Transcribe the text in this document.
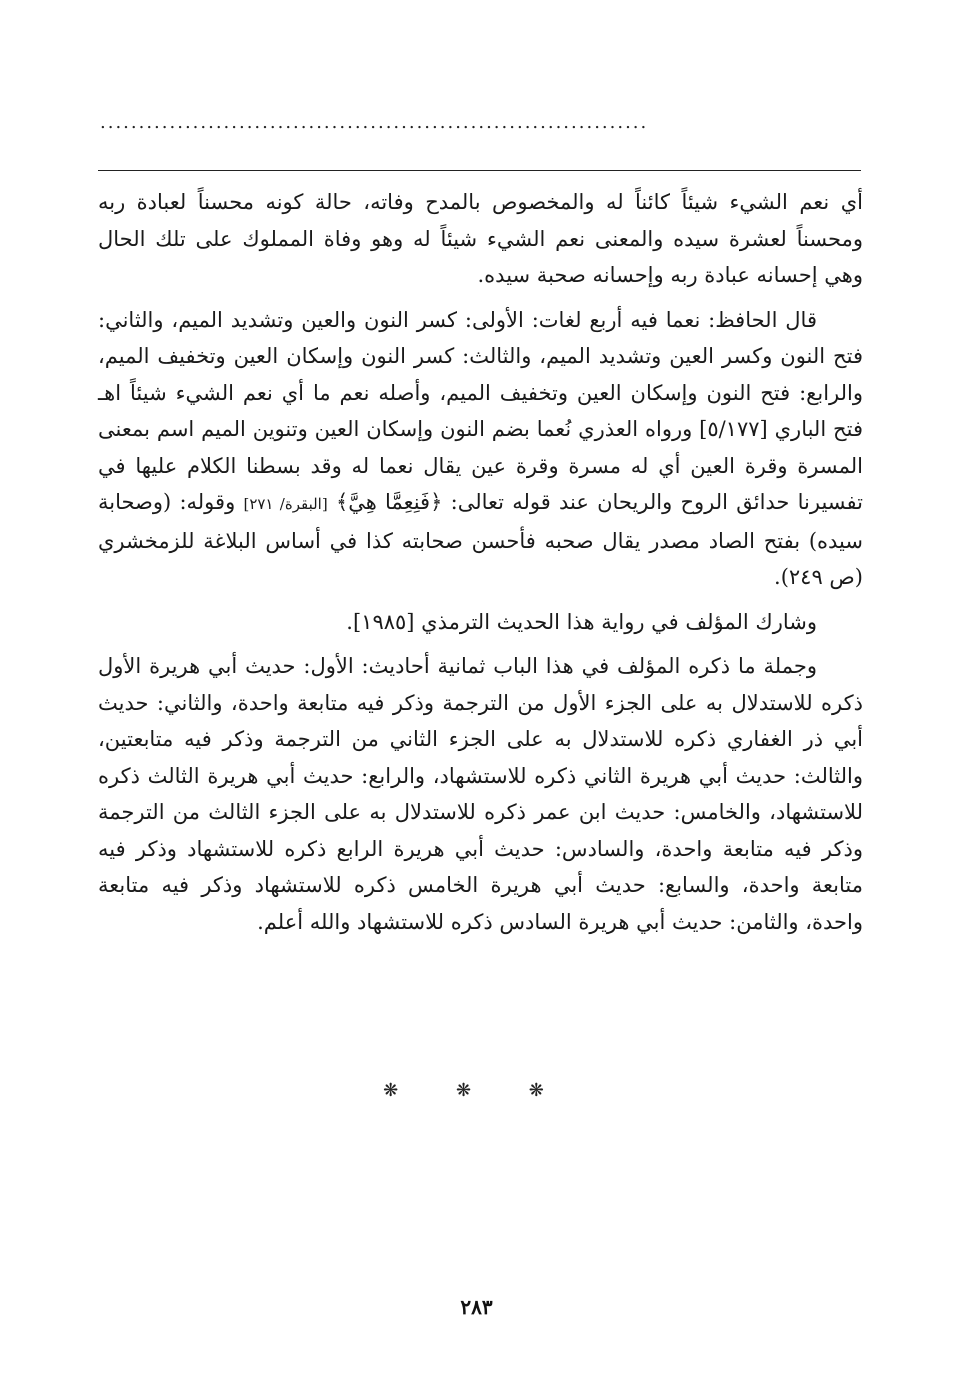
.......................................................................

أي نعم الشيء شيئاً كائناً له والمخصوص بالمدح وفاته، حالة كونه محسناً لعبادة ربه ومحسناً لعشرة سيده والمعنى نعم الشيء شيئاً له وهو وفاة المملوك على تلك الحال وهي إحسانه عبادة ربه وإحسانه صحبة سيده.

قال الحافظ: نعما فيه أربع لغات: الأولى: كسر النون والعين وتشديد الميم، والثاني: فتح النون وكسر العين وتشديد الميم، والثالث: كسر النون وإسكان العين وتخفيف الميم، والرابع: فتح النون وإسكان العين وتخفيف الميم، وأصله نعم ما أي نعم الشيء شيئاً اهـ فتح الباري [٥/١٧٧] ورواه العذري نُعما بضم النون وإسكان العين وتنوين الميم اسم بمعنى المسرة وقرة العين أي له مسرة وقرة عين يقال نعما له وقد بسطنا الكلام عليها في تفسيرنا حدائق الروح والريحان عند قوله تعالى: ﴿فَنِعِمَّا هِيَّ﴾ [البقرة/ ٢٧١] وقوله: (وصحابة سيده) بفتح الصاد مصدر يقال صحبه فأحسن صحابته كذا في أساس البلاغة للزمخشري (ص ٢٤٩).

وشارك المؤلف في رواية هذا الحديث الترمذي [١٩٨٥].

وجملة ما ذكره المؤلف في هذا الباب ثمانية أحاديث: الأول: حديث أبي هريرة الأول ذكره للاستدلال به على الجزء الأول من الترجمة وذكر فيه متابعة واحدة، والثاني: حديث أبي ذر الغفاري ذكره للاستدلال به على الجزء الثاني من الترجمة وذكر فيه متابعتين، والثالث: حديث أبي هريرة الثاني ذكره للاستشهاد، والرابع: حديث أبي هريرة الثالث ذكره للاستشهاد، والخامس: حديث ابن عمر ذكره للاستدلال به على الجزء الثالث من الترجمة وذكر فيه متابعة واحدة، والسادس: حديث أبي هريرة الرابع ذكره للاستشهاد وذكر فيه متابعة واحدة، والسابع: حديث أبي هريرة الخامس ذكره للاستشهاد وذكر فيه متابعة واحدة، والثامن: حديث أبي هريرة السادس ذكره للاستشهاد والله أعلم.

❋ ❋ ❋
٢٨٣
